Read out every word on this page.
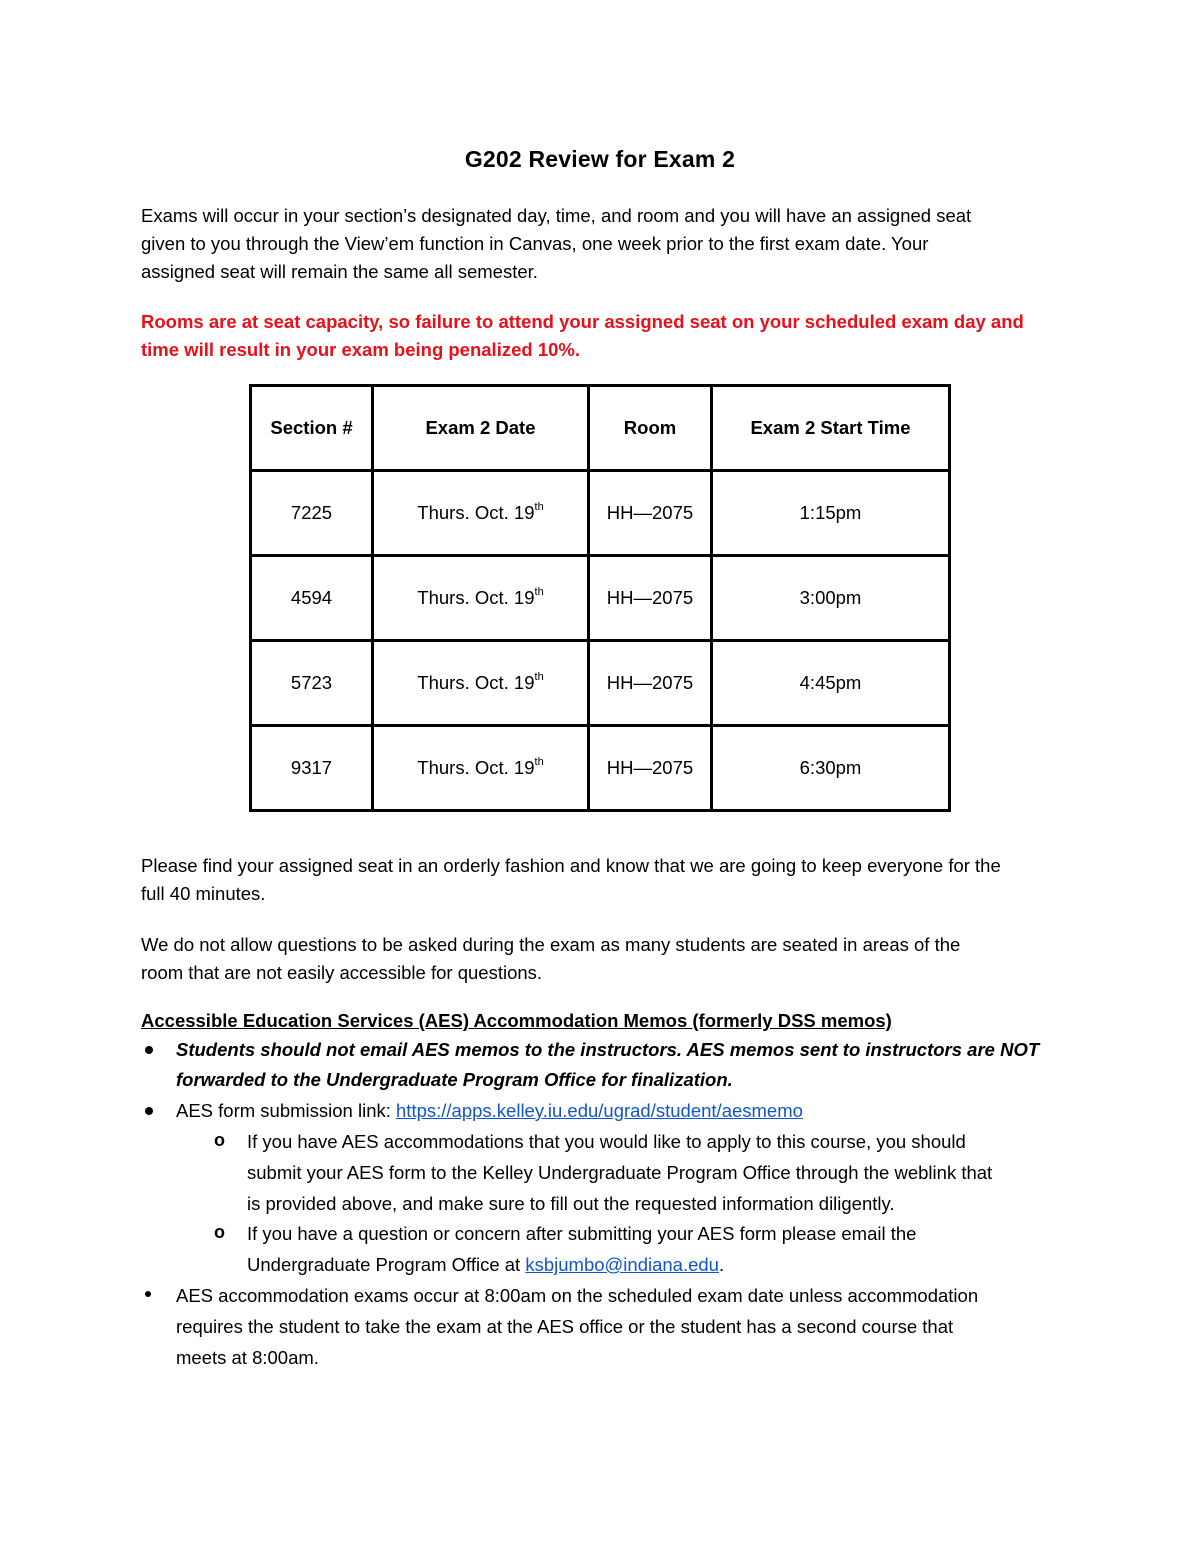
G202 Review for Exam 2
Exams will occur in your section’s designated day, time, and room and you will have an assigned seat
given to you through the View’em function in Canvas, one week prior to the first exam date. Your
assigned seat will remain the same all semester.
Rooms are at seat capacity, so failure to attend your assigned seat on your scheduled exam day and
time will result in your exam being penalized 10%.
Section #	Exam 2 Date	Room	Exam 2 Start Time
7225	Thurs. Oct. 19th	HH—2075	1:15pm
4594	Thurs. Oct. 19th	HH—2075	3:00pm
5723	Thurs. Oct. 19th	HH—2075	4:45pm
9317	Thurs. Oct. 19th	HH—2075	6:30pm
Please find your assigned seat in an orderly fashion and know that we are going to keep everyone for the
full 40 minutes.
We do not allow questions to be asked during the exam as many students are seated in areas of the
room that are not easily accessible for questions.
Accessible Education Services (AES) Accommodation Memos (formerly DSS memos)
Students should not email AES memos to the instructors. AES memos sent to instructors are NOT
forwarded to the Undergraduate Program Office for finalization.
AES form submission link: https://apps.kelley.iu.edu/ugrad/student/aesmemo
o If you have AES accommodations that you would like to apply to this course, you should
submit your AES form to the Kelley Undergraduate Program Office through the weblink that
is provided above, and make sure to fill out the requested information diligently.
o If you have a question or concern after submitting your AES form please email the
Undergraduate Program Office at ksbjumbo@indiana.edu.
AES accommodation exams occur at 8:00am on the scheduled exam date unless accommodation
requires the student to take the exam at the AES office or the student has a second course that
meets at 8:00am.
